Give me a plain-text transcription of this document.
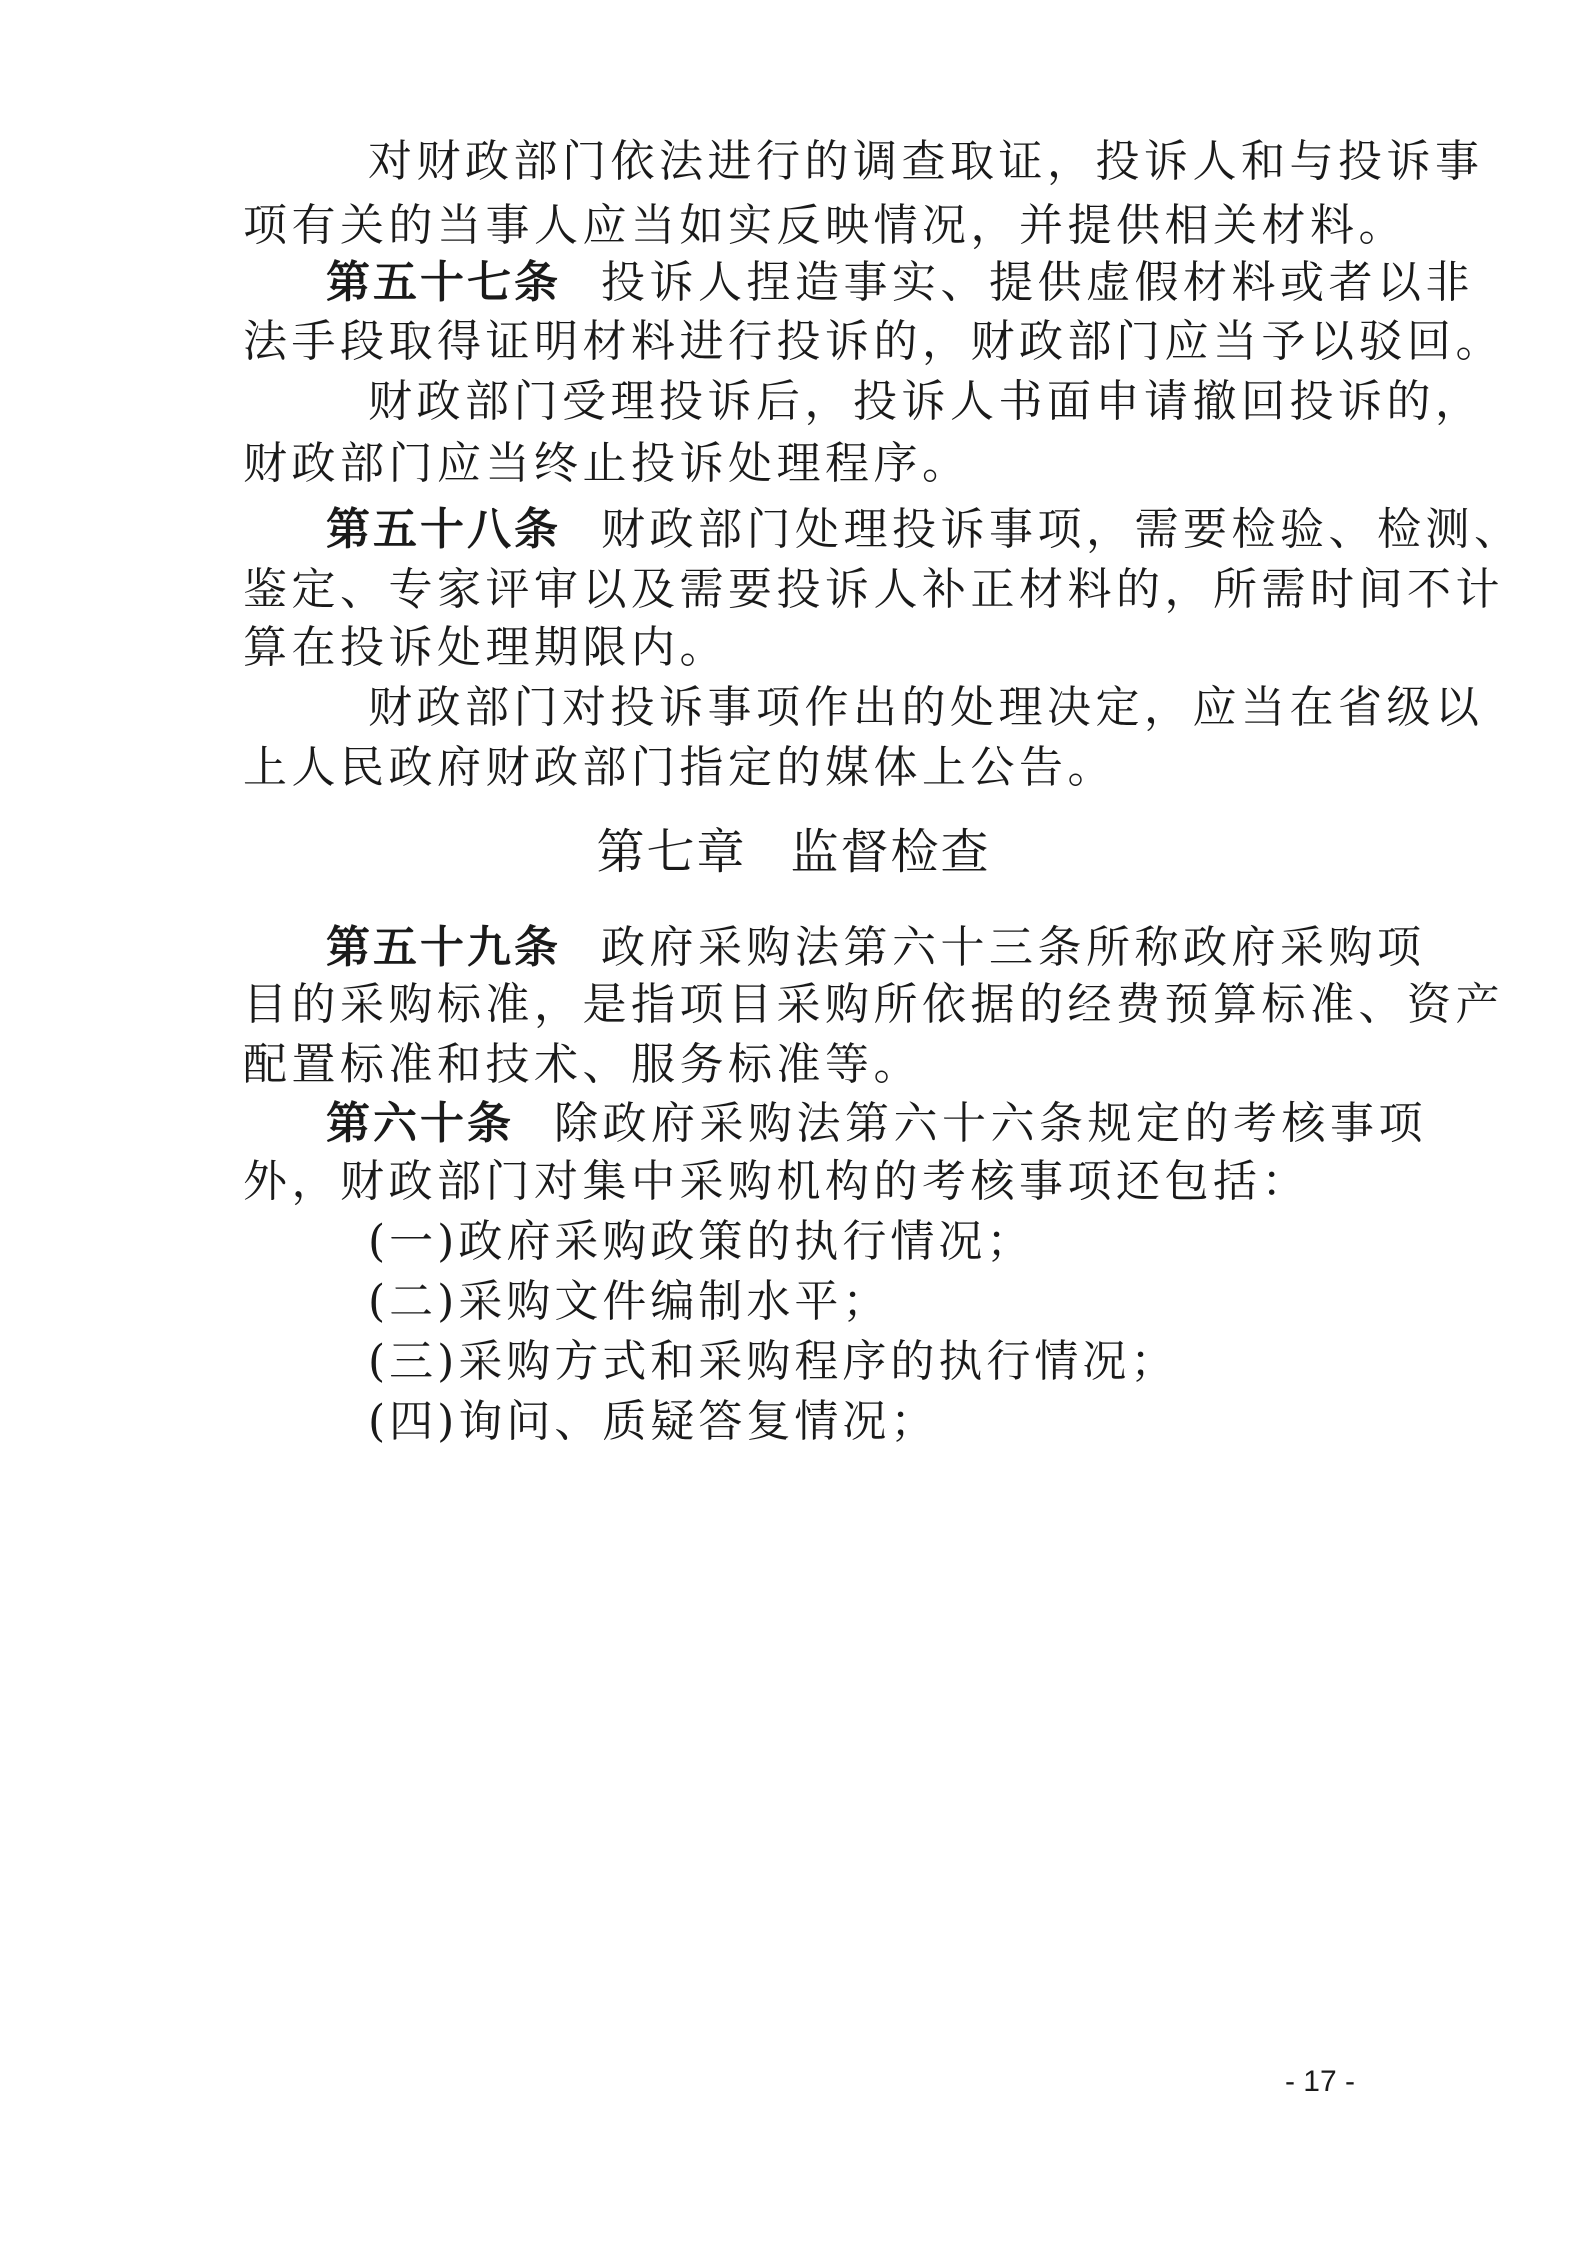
对财政部门依法进行的调查取证，投诉人和与投诉事
项有关的当事人应当如实反映情况，并提供相关材料。
第五十七条 投诉人捏造事实、提供虚假材料或者以非
法手段取得证明材料进行投诉的，财政部门应当予以驳回。
财政部门受理投诉后，投诉人书面申请撤回投诉的，
财政部门应当终止投诉处理程序。
第五十八条 财政部门处理投诉事项，需要检验、检测、
鉴定、专家评审以及需要投诉人补正材料的，所需时间不计
算在投诉处理期限内。
财政部门对投诉事项作出的处理决定，应当在省级以
上人民政府财政部门指定的媒体上公告。
第七章 监督检查
第五十九条 政府采购法第六十三条所称政府采购项
目的采购标准，是指项目采购所依据的经费预算标准、资产
配置标准和技术、服务标准等。
第六十条 除政府采购法第六十六条规定的考核事项
外，财政部门对集中采购机构的考核事项还包括：
(一)政府采购政策的执行情况；
(二)采购文件编制水平；
(三)采购方式和采购程序的执行情况；
(四)询问、质疑答复情况；
- 17 -
